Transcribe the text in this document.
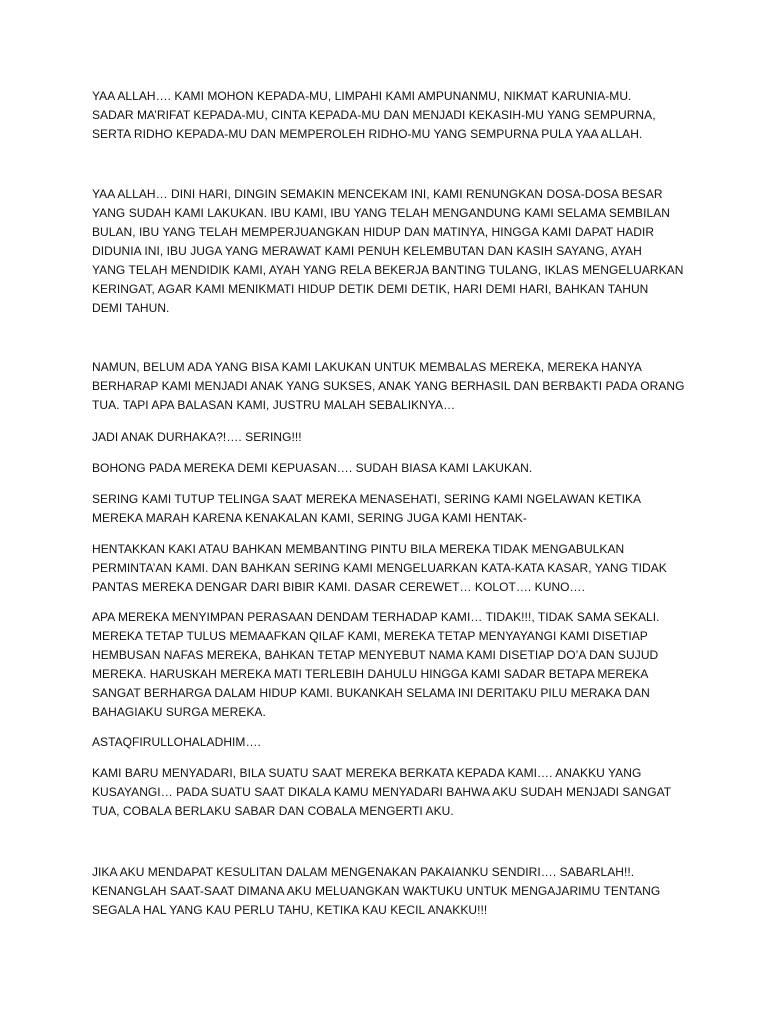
YAA ALLAH…. KAMI MOHON KEPADA-MU, LIMPAHI KAMI AMPUNANMU, NIKMAT KARUNIA-MU.
SADAR MA’RIFAT KEPADA-MU, CINTA KEPADA-MU DAN MENJADI KEKASIH-MU YANG SEMPURNA,
SERTA RIDHO KEPADA-MU DAN MEMPEROLEH RIDHO-MU YANG SEMPURNA PULA YAA ALLAH.

YAA ALLAH… DINI HARI, DINGIN SEMAKIN MENCEKAM INI, KAMI RENUNGKAN DOSA-DOSA BESAR
YANG SUDAH KAMI LAKUKAN. IBU KAMI, IBU YANG TELAH MENGANDUNG KAMI SELAMA SEMBILAN
BULAN, IBU YANG TELAH MEMPERJUANGKAN HIDUP DAN MATINYA, HINGGA KAMI DAPAT HADIR
DIDUNIA INI, IBU JUGA YANG MERAWAT KAMI PENUH KELEMBUTAN DAN KASIH SAYANG, AYAH
YANG TELAH MENDIDIK KAMI, AYAH YANG RELA BEKERJA BANTING TULANG, IKLAS MENGELUARKAN
KERINGAT, AGAR KAMI MENIKMATI HIDUP DETIK DEMI DETIK, HARI DEMI HARI, BAHKAN TAHUN
DEMI TAHUN.

NAMUN, BELUM ADA YANG BISA KAMI LAKUKAN UNTUK MEMBALAS MEREKA, MEREKA HANYA
BERHARAP KAMI MENJADI ANAK YANG SUKSES, ANAK YANG BERHASIL DAN BERBAKTI PADA ORANG
TUA. TAPI APA BALASAN KAMI, JUSTRU MALAH SEBALIKNYA…

JADI ANAK DURHAKA?!…. SERING!!!

BOHONG PADA MEREKA DEMI KEPUASAN…. SUDAH BIASA KAMI LAKUKAN.

SERING KAMI TUTUP TELINGA SAAT MEREKA MENASEHATI, SERING KAMI NGELAWAN KETIKA
MEREKA MARAH KARENA KENAKALAN KAMI, SERING JUGA KAMI HENTAK-

HENTAKKAN KAKI ATAU BAHKAN MEMBANTING PINTU BILA MEREKA TIDAK MENGABULKAN
PERMINTA’AN KAMI. DAN BAHKAN SERING KAMI MENGELUARKAN KATA-KATA KASAR, YANG TIDAK
PANTAS MEREKA DENGAR DARI BIBIR KAMI. DASAR CEREWET… KOLOT…. KUNO….

APA MEREKA MENYIMPAN PERASAAN DENDAM TERHADAP KAMI… TIDAK!!!, TIDAK SAMA SEKALI.
MEREKA TETAP TULUS MEMAAFKAN QILAF KAMI, MEREKA TETAP MENYAYANGI KAMI DISETIAP
HEMBUSAN NAFAS MEREKA, BAHKAN TETAP MENYEBUT NAMA KAMI DISETIAP DO’A DAN SUJUD
MEREKA. HARUSKAH MEREKA MATI TERLEBIH DAHULU HINGGA KAMI SADAR BETAPA MEREKA
SANGAT BERHARGA DALAM HIDUP KAMI. BUKANKAH SELAMA INI DERITAKU PILU MERAKA DAN
BAHAGIAKU SURGA MEREKA.

ASTAQFIRULLOHALADHIM….

KAMI BARU MENYADARI, BILA SUATU SAAT MEREKA BERKATA KEPADA KAMI…. ANAKKU YANG
KUSAYANGI… PADA SUATU SAAT DIKALA KAMU MENYADARI BAHWA AKU SUDAH MENJADI SANGAT
TUA, COBALA BERLAKU SABAR DAN COBALA MENGERTI AKU.

JIKA AKU MENDAPAT KESULITAN DALAM MENGENAKAN PAKAIANKU SENDIRI…. SABARLAH!!.
KENANGLAH SAAT-SAAT DIMANA AKU MELUANGKAN WAKTUKU UNTUK MENGAJARIMU TENTANG
SEGALA HAL YANG KAU PERLU TAHU, KETIKA KAU KECIL ANAKKU!!!
